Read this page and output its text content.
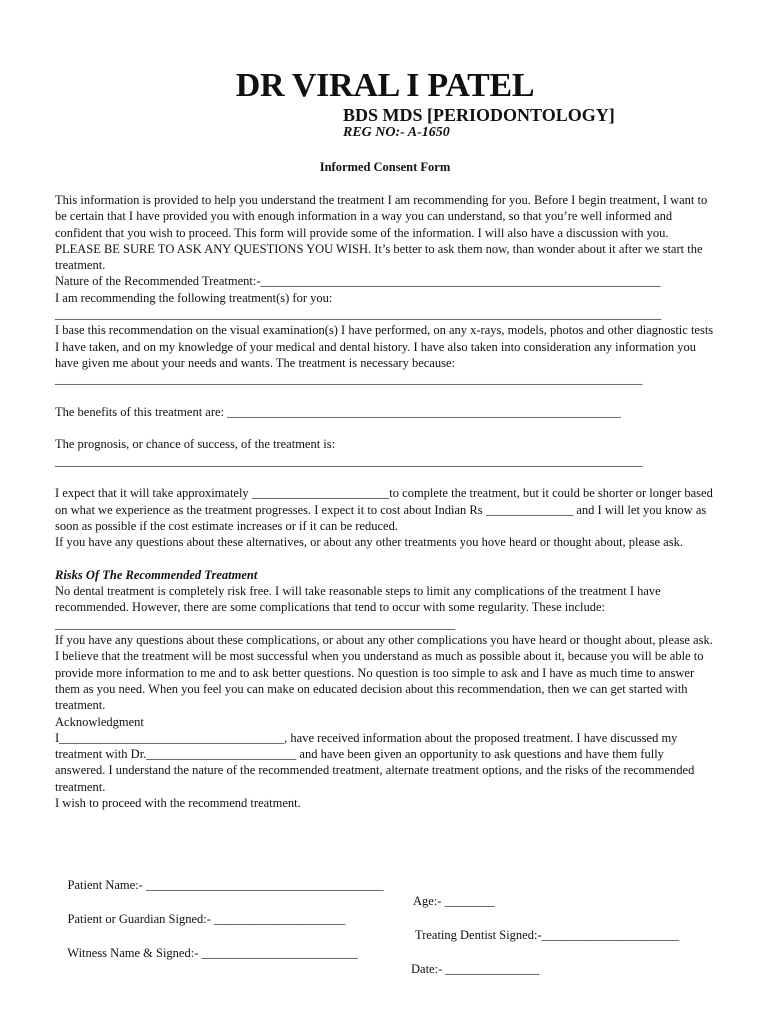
DR VIRAL I PATEL
BDS MDS [PERIODONTOLOGY]
REG NO:- A-1650
Informed Consent Form

This information is provided to help you understand the treatment I am recommending for you. Before I begin treatment, I want to be certain that I have provided you with enough information in a way you can understand, so that you’re well informed and confident that you wish to proceed. This form will provide some of the information. I will also have a discussion with you.

PLEASE BE SURE TO ASK ANY QUESTIONS YOU WISH. It’s better to ask them now, than wonder about it after we start the treatment.

Nature of the Recommended Treatment:-________________________________________________________________

I am recommending the following treatment(s) for you:

_________________________________________________________________________________________________

I base this recommendation on the visual examination(s) I have performed, on any x-rays, models, photos and other diagnostic tests I have taken, and on my knowledge of your medical and dental history. I have also taken into consideration any information you have given me about your needs and wants. The treatment is necessary because:

______________________________________________________________________________________________

The benefits of this treatment are: _______________________________________________________________

The prognosis, or chance of success, of the treatment is:

______________________________________________________________________________________________

I expect that it will take approximately ______________________to complete the treatment, but it could be shorter or longer based on what we experience as the treatment progresses. I expect it to cost about Indian Rs ______________ and I will let you know as soon as possible if the cost estimate increases or if it can be reduced.

If you have any questions about these alternatives, or about any other treatments you hove heard or thought about, please ask.

Risks Of The Recommended Treatment

No dental treatment is completely risk free. I will take reasonable steps to limit any complications of the treatment I have recommended. However, there are some complications that tend to occur with some regularity. These include:

________________________________________________________________

If you have any questions about these complications, or about any other complications you have heard or thought about, please ask. I believe that the treatment will be most successful when you understand as much as possible about it, because you will be able to provide more information to me and to ask better questions. No question is too simple to ask and I have as much time to answer them as you need. When you feel you can make on educated decision about this recommendation, then we can get started with treatment.

Acknowledgment

I____________________________________, have received information about the proposed treatment. I have discussed my treatment with Dr.________________________ and have been given an opportunity to ask questions and have them fully answered. I understand the nature of the recommended treatment, alternate treatment options, and the risks of the recommended treatment.

I wish to proceed with the recommend treatment.

Patient Name:- ______________________________________

Age:- ________

Patient or Guardian Signed:- _____________________

Treating Dentist Signed:-______________________

Witness Name & Signed:- _________________________

Date:- _______________
